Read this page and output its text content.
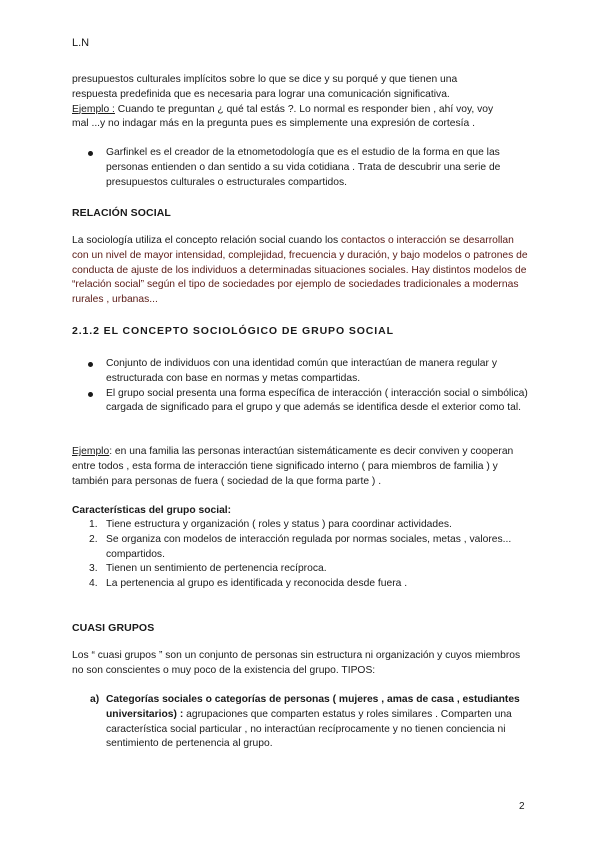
L.N

presupuestos culturales implícitos sobre lo que se dice y su porqué y que tienen una

respuesta predefinida que es necesaria para lograr una comunicación significativa.

Ejemplo : Cuando te preguntan ¿ qué tal estás ?. Lo normal es responder bien , ahí voy, voy

mal ...y no indagar más en la pregunta pues es simplemente una expresión de cortesía .

Garfinkel es el creador de la etnometodología que es el estudio de la forma en que las personas entienden o dan sentido a su vida cotidiana . Trata de descubrir una serie de presupuestos culturales o estructurales compartidos.
RELACIÓN SOCIAL

La sociología utiliza el concepto relación social cuando los contactos o interacción se desarrollan con un nivel de mayor intensidad, complejidad, frecuencia y duración, y bajo modelos o patrones de conducta de ajuste de los individuos a determinadas situaciones sociales. Hay distintos modelos de “relación social” según el tipo de sociedades por ejemplo de sociedades tradicionales a modernas rurales , urbanas...

2.1.2 EL CONCEPTO SOCIOLÓGICO DE GRUPO SOCIAL
Conjunto de individuos con una identidad común que interactúan de manera regular y estructurada con base en normas y metas compartidas.
El grupo social presenta una forma específica de interacción ( interacción social o simbólica) cargada de significado para el grupo y que además se identifica desde el exterior como tal.

Ejemplo: en una familia las personas interactúan sistemáticamente es decir conviven y cooperan entre todos , esta forma de interacción tiene significado interno ( para miembros de familia ) y también para personas de fuera ( sociedad de la que forma parte ) .

Características del grupo social:
1. Tiene estructura y organización ( roles y status ) para coordinar actividades.
2. Se organiza con modelos de interacción regulada por normas sociales, metas , valores... compartidos.
3. Tienen un sentimiento de pertenencia recíproca.
4. La pertenencia al grupo es identificada y reconocida desde fuera .
CUASI GRUPOS
Los “ cuasi grupos ” son un conjunto de personas sin estructura ni organización y cuyos miembros no son conscientes o muy poco de la existencia del grupo. TIPOS:
a) Categorías sociales o categorías de personas ( mujeres , amas de casa , estudiantes universitarios) : agrupaciones que comparten estatus y roles similares . Comparten una característica social particular , no interactúan recíprocamente y no tienen conciencia ni sentimiento de pertenencia al grupo.
2
